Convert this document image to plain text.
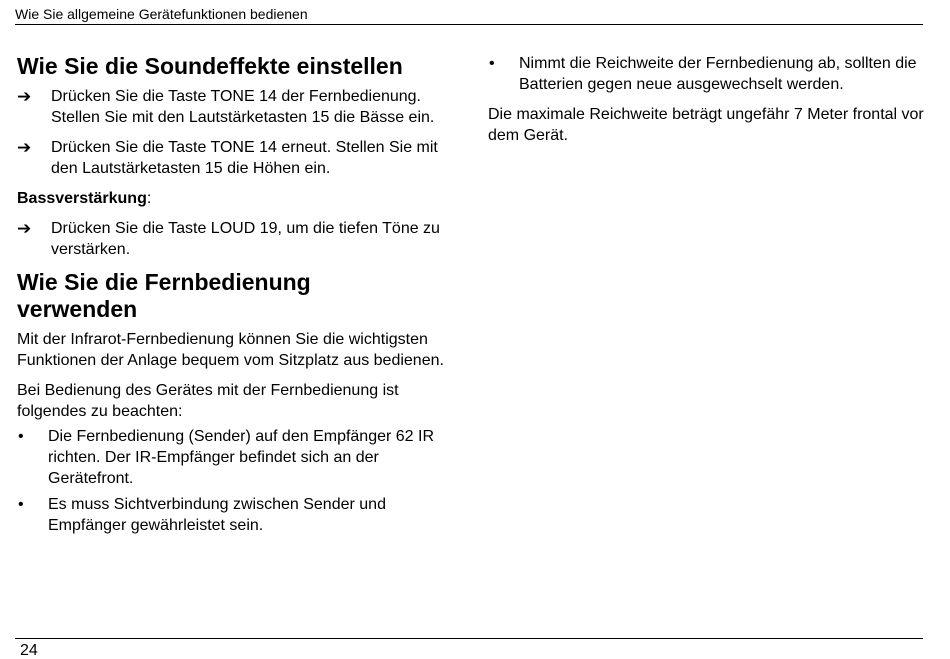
Wie Sie allgemeine Gerätefunktionen bedienen
Wie Sie die Soundeffekte einstellen
➔ Drücken Sie die Taste TONE 14 der Fernbedienung. Stellen Sie mit den Lautstärketasten 15 die Bässe ein.
➔ Drücken Sie die Taste TONE 14 erneut. Stellen Sie mit den Lautstärketasten 15 die Höhen ein.

Bassverstärkung:

➔ Drücken Sie die Taste LOUD 19, um die tiefen Töne zu verstärken.
Wie Sie die Fernbedienung verwenden

Mit der Infrarot-Fernbedienung können Sie die wichtigsten Funktionen der Anlage bequem vom Sitzplatz aus bedienen.

Bei Bedienung des Gerätes mit der Fernbedienung ist folgendes zu beachten:

• Die Fernbedienung (Sender) auf den Empfänger 62 IR richten. Der IR-Empfänger befindet sich an der Gerätefront.
• Es muss Sichtverbindung zwischen Sender und Empfänger gewährleistet sein.
• Nimmt die Reichweite der Fernbedienung ab, sollten die Batterien gegen neue ausgewechselt werden.

Die maximale Reichweite beträgt ungefähr 7 Meter frontal vor dem Gerät.

24
